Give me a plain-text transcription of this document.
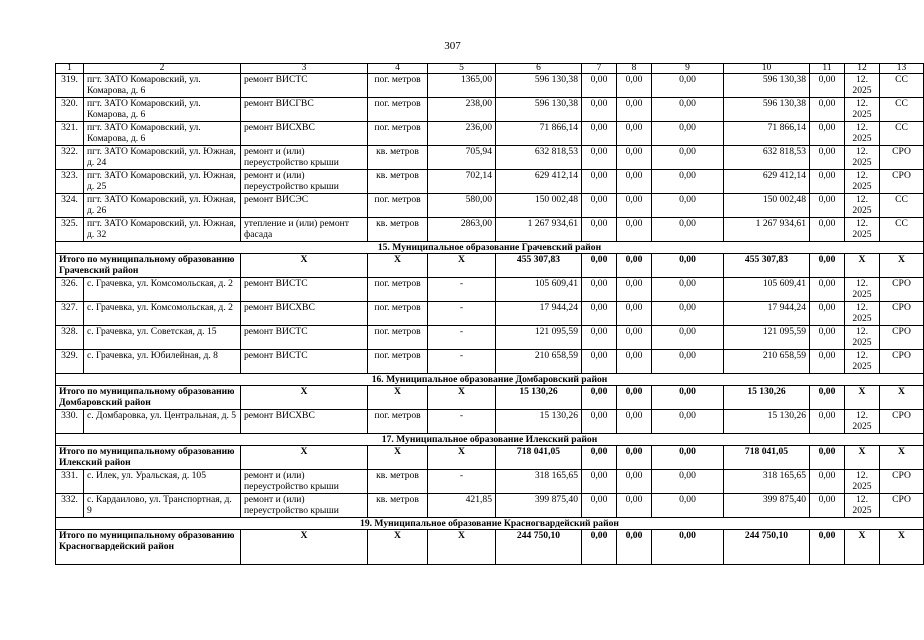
307
1	2	3	4	5	6	7	8	9	10	11	12	13
319.	пгт. ЗАТО Комаровский, ул. Комарова, д. 6	ремонт ВИСТС	пог. метров	1365,00	596 130,38	0,00	0,00	0,00	596 130,38	0,00	12. 2025	СС
320.	пгт. ЗАТО Комаровский, ул. Комарова, д. 6	ремонт ВИСГВС	пог. метров	238,00	596 130,38	0,00	0,00	0,00	596 130,38	0,00	12. 2025	СС
321.	пгт. ЗАТО Комаровский, ул. Комарова, д. 6	ремонт ВИСХВС	пог. метров	236,00	71 866,14	0,00	0,00	0,00	71 866,14	0,00	12. 2025	СС
322.	пгт. ЗАТО Комаровский, ул. Южная, д. 24	ремонт и (или) переустройство крыши	кв. метров	705,94	632 818,53	0,00	0,00	0,00	632 818,53	0,00	12. 2025	СРО
323.	пгт. ЗАТО Комаровский, ул. Южная, д. 25	ремонт и (или) переустройство крыши	кв. метров	702,14	629 412,14	0,00	0,00	0,00	629 412,14	0,00	12. 2025	СРО
324.	пгт. ЗАТО Комаровский, ул. Южная, д. 26	ремонт ВИСЭС	пог. метров	580,00	150 002,48	0,00	0,00	0,00	150 002,48	0,00	12. 2025	СС
325.	пгт. ЗАТО Комаровский, ул. Южная, д. 32	утепление и (или) ремонт фасада	кв. метров	2863,00	1 267 934,61	0,00	0,00	0,00	1 267 934,61	0,00	12. 2025	СС
15. Муниципальное образование Грачевский район												
Итого по муниципальному образованию Грачевский район		X	X	X	455 307,83	0,00	0,00	0,00	455 307,83	0,00	X	X
326.	с. Грачевка, ул. Комсомольская, д. 2	ремонт ВИСТС	пог. метров	-	105 609,41	0,00	0,00	0,00	105 609,41	0,00	12. 2025	СРО
327.	с. Грачевка, ул. Комсомольская, д. 2	ремонт ВИСХВС	пог. метров	-	17 944,24	0,00	0,00	0,00	17 944,24	0,00	12. 2025	СРО
328.	с. Грачевка, ул. Советская, д. 15	ремонт ВИСТС	пог. метров	-	121 095,59	0,00	0,00	0,00	121 095,59	0,00	12. 2025	СРО
329.	с. Грачевка, ул. Юбилейная, д. 8	ремонт ВИСТС	пог. метров	-	210 658,59	0,00	0,00	0,00	210 658,59	0,00	12. 2025	СРО
16. Муниципальное образование Домбаровский район												
Итого по муниципальному образованию Домбаровский район		X	X	X	15 130,26	0,00	0,00	0,00	15 130,26	0,00	X	X
330.	с. Домбаровка, ул. Центральная, д. 5	ремонт ВИСХВС	пог. метров	-	15 130,26	0,00	0,00	0,00	15 130,26	0,00	12. 2025	СРО
17. Муниципальное образование Илекский район												
Итого по муниципальному образованию Илекский район		X	X	X	718 041,05	0,00	0,00	0,00	718 041,05	0,00	X	X
331.	с. Илек, ул. Уральская, д. 105	ремонт и (или) переустройство крыши	кв. метров	-	318 165,65	0,00	0,00	0,00	318 165,65	0,00	12. 2025	СРО
332.	с. Кардаилово, ул. Транспортная, д. 9	ремонт и (или) переустройство крыши	кв. метров	421,85	399 875,40	0,00	0,00	0,00	399 875,40	0,00	12. 2025	СРО
19. Муниципальное образование Красногвардейский район												
Итого по муниципальному образованию Красногвардейский район		X	X	X	244 750,10	0,00	0,00	0,00	244 750,10	0,00	X	X
